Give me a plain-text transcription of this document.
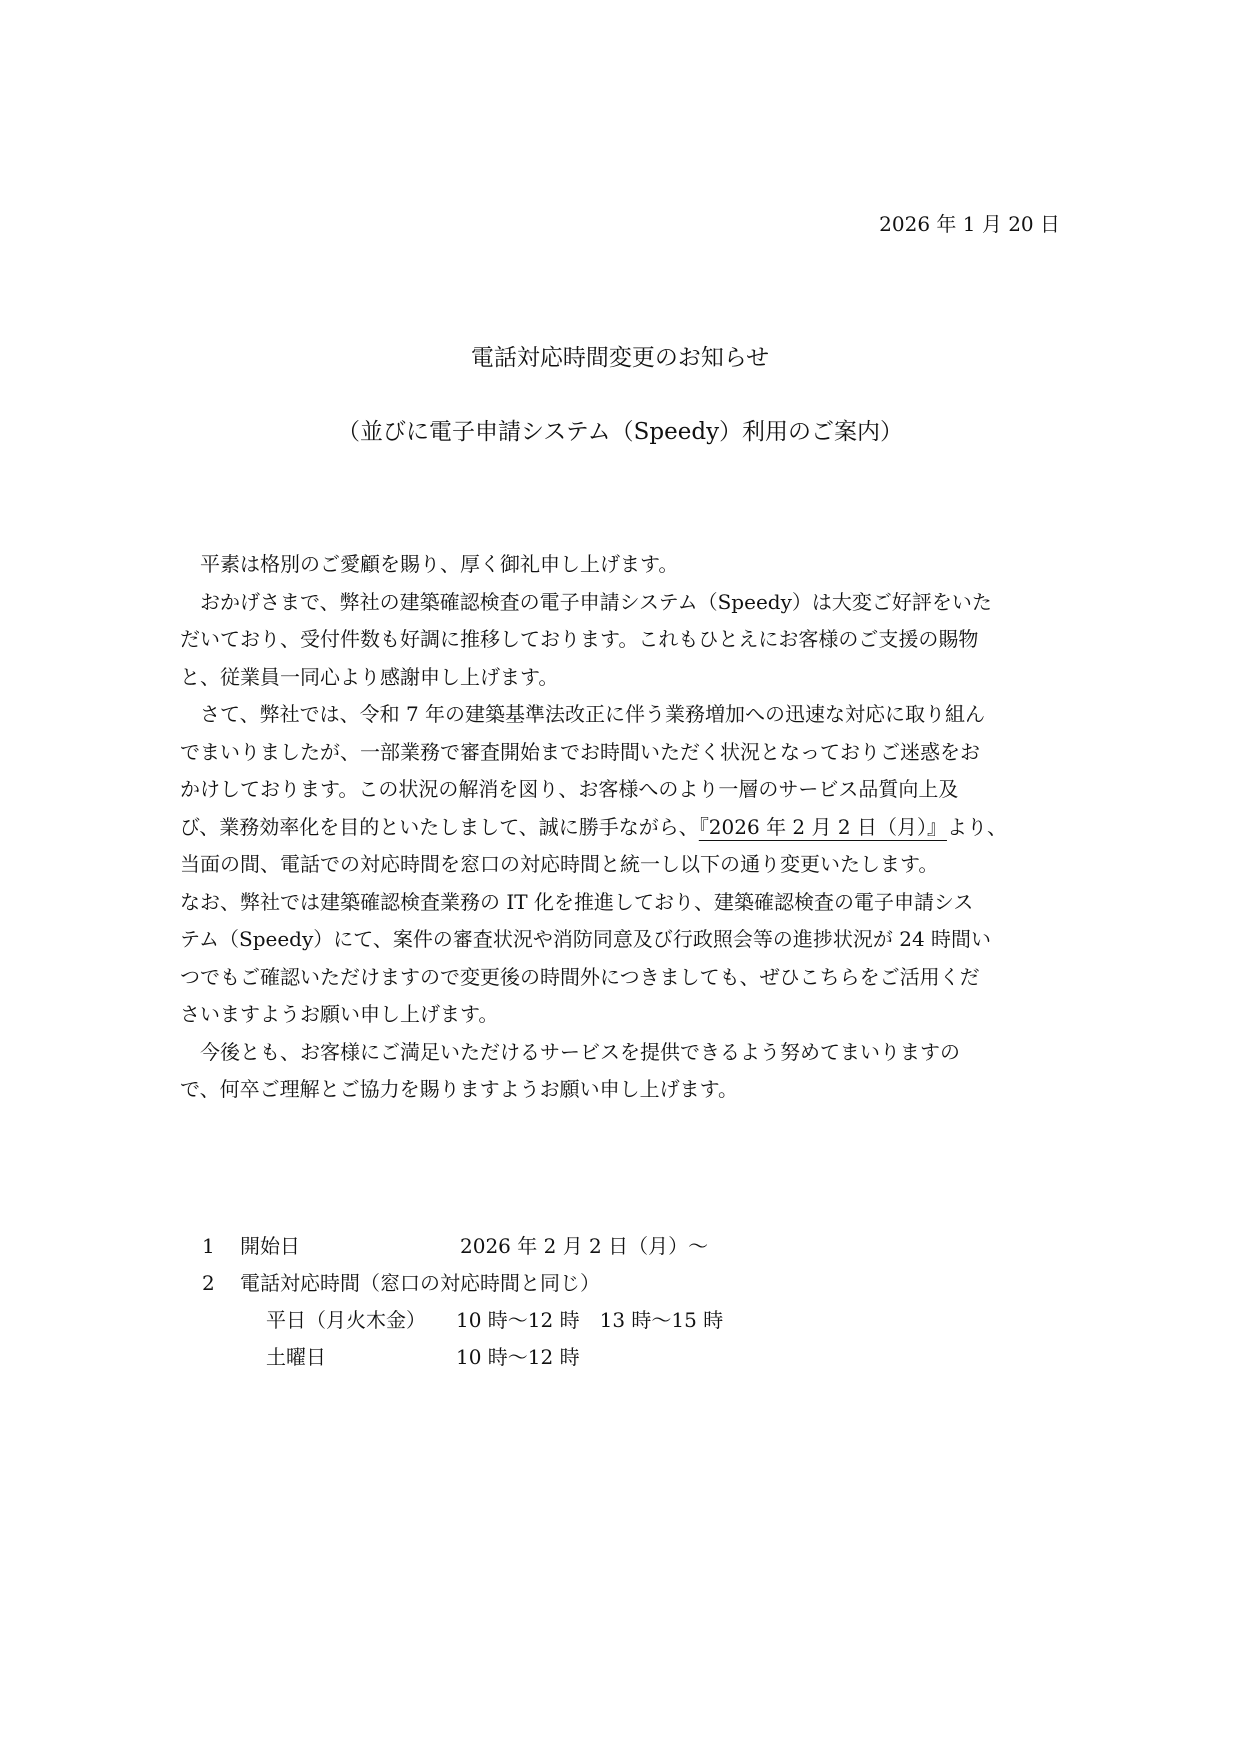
2026 年 1 月 20 日
電話対応時間変更のお知らせ
（並びに電子申請システム（Speedy）利用のご案内）
　平素は格別のご愛顧を賜り、厚く御礼申し上げます。
　おかげさまで、弊社の建築確認検査の電子申請システム（Speedy）は大変ご好評をいた
だいており、受付件数も好調に推移しております。これもひとえにお客様のご支援の賜物
と、従業員一同心より感謝申し上げます。
　さて、弊社では、令和 7 年の建築基準法改正に伴う業務増加への迅速な対応に取り組ん
でまいりましたが、一部業務で審査開始までお時間いただく状況となっておりご迷惑をお
かけしております。この状況の解消を図り、お客様へのより一層のサービス品質向上及
び、業務効率化を目的といたしまして、誠に勝手ながら、『2026 年 2 月 2 日（月）』より、
当面の間、電話での対応時間を窓口の対応時間と統一し以下の通り変更いたします。
なお、弊社では建築確認検査業務の IT 化を推進しており、建築確認検査の電子申請シス
テム（Speedy）にて、案件の審査状況や消防同意及び行政照会等の進捗状況が 24 時間い
つでもご確認いただけますので変更後の時間外につきましても、ぜひこちらをご活用くだ
さいますようお願い申し上げます。
　今後とも、お客様にご満足いただけるサービスを提供できるよう努めてまいりますの
で、何卒ご理解とご協力を賜りますようお願い申し上げます。
1 開始日	2026 年 2 月 2 日（月）～
2 電話対応時間（窓口の対応時間と同じ）
平日（月火木金） 10 時～12 時　13 時～15 時
土曜日	10 時～12 時
